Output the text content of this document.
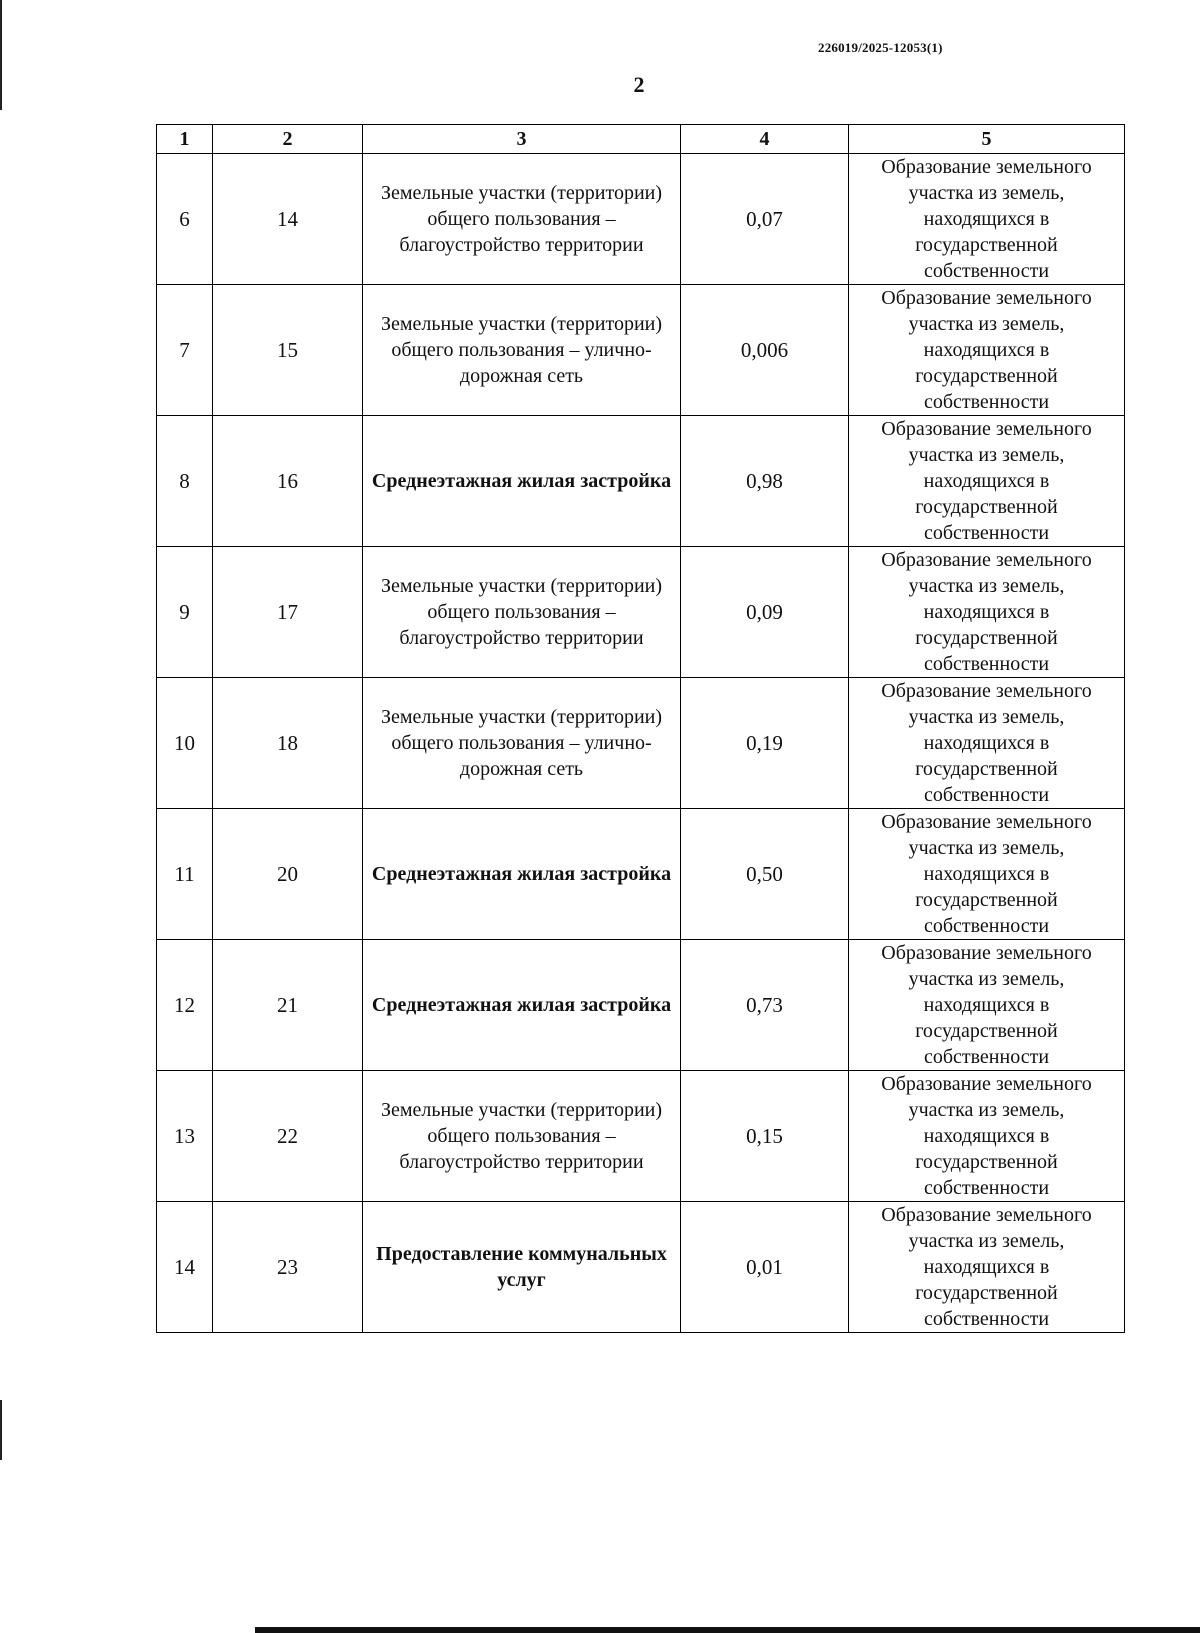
226019/2025-12053(1)
2
1	2	3	4	5
6	14	Земельные участки (территории) общего пользования – благоустройство территории	0,07	Образование земельного участка из земель, находящихся в государственной собственности
7	15	Земельные участки (территории) общего пользования – улично-дорожная сеть	0,006	Образование земельного участка из земель, находящихся в государственной собственности
8	16	Среднеэтажная жилая застройка	0,98	Образование земельного участка из земель, находящихся в государственной собственности
9	17	Земельные участки (территории) общего пользования – благоустройство территории	0,09	Образование земельного участка из земель, находящихся в государственной собственности
10	18	Земельные участки (территории) общего пользования – улично-дорожная сеть	0,19	Образование земельного участка из земель, находящихся в государственной собственности
11	20	Среднеэтажная жилая застройка	0,50	Образование земельного участка из земель, находящихся в государственной собственности
12	21	Среднеэтажная жилая застройка	0,73	Образование земельного участка из земель, находящихся в государственной собственности
13	22	Земельные участки (территории) общего пользования – благоустройство территории	0,15	Образование земельного участка из земель, находящихся в государственной собственности
14	23	Предоставление коммунальных услуг	0,01	Образование земельного участка из земель, находящихся в государственной собственности
